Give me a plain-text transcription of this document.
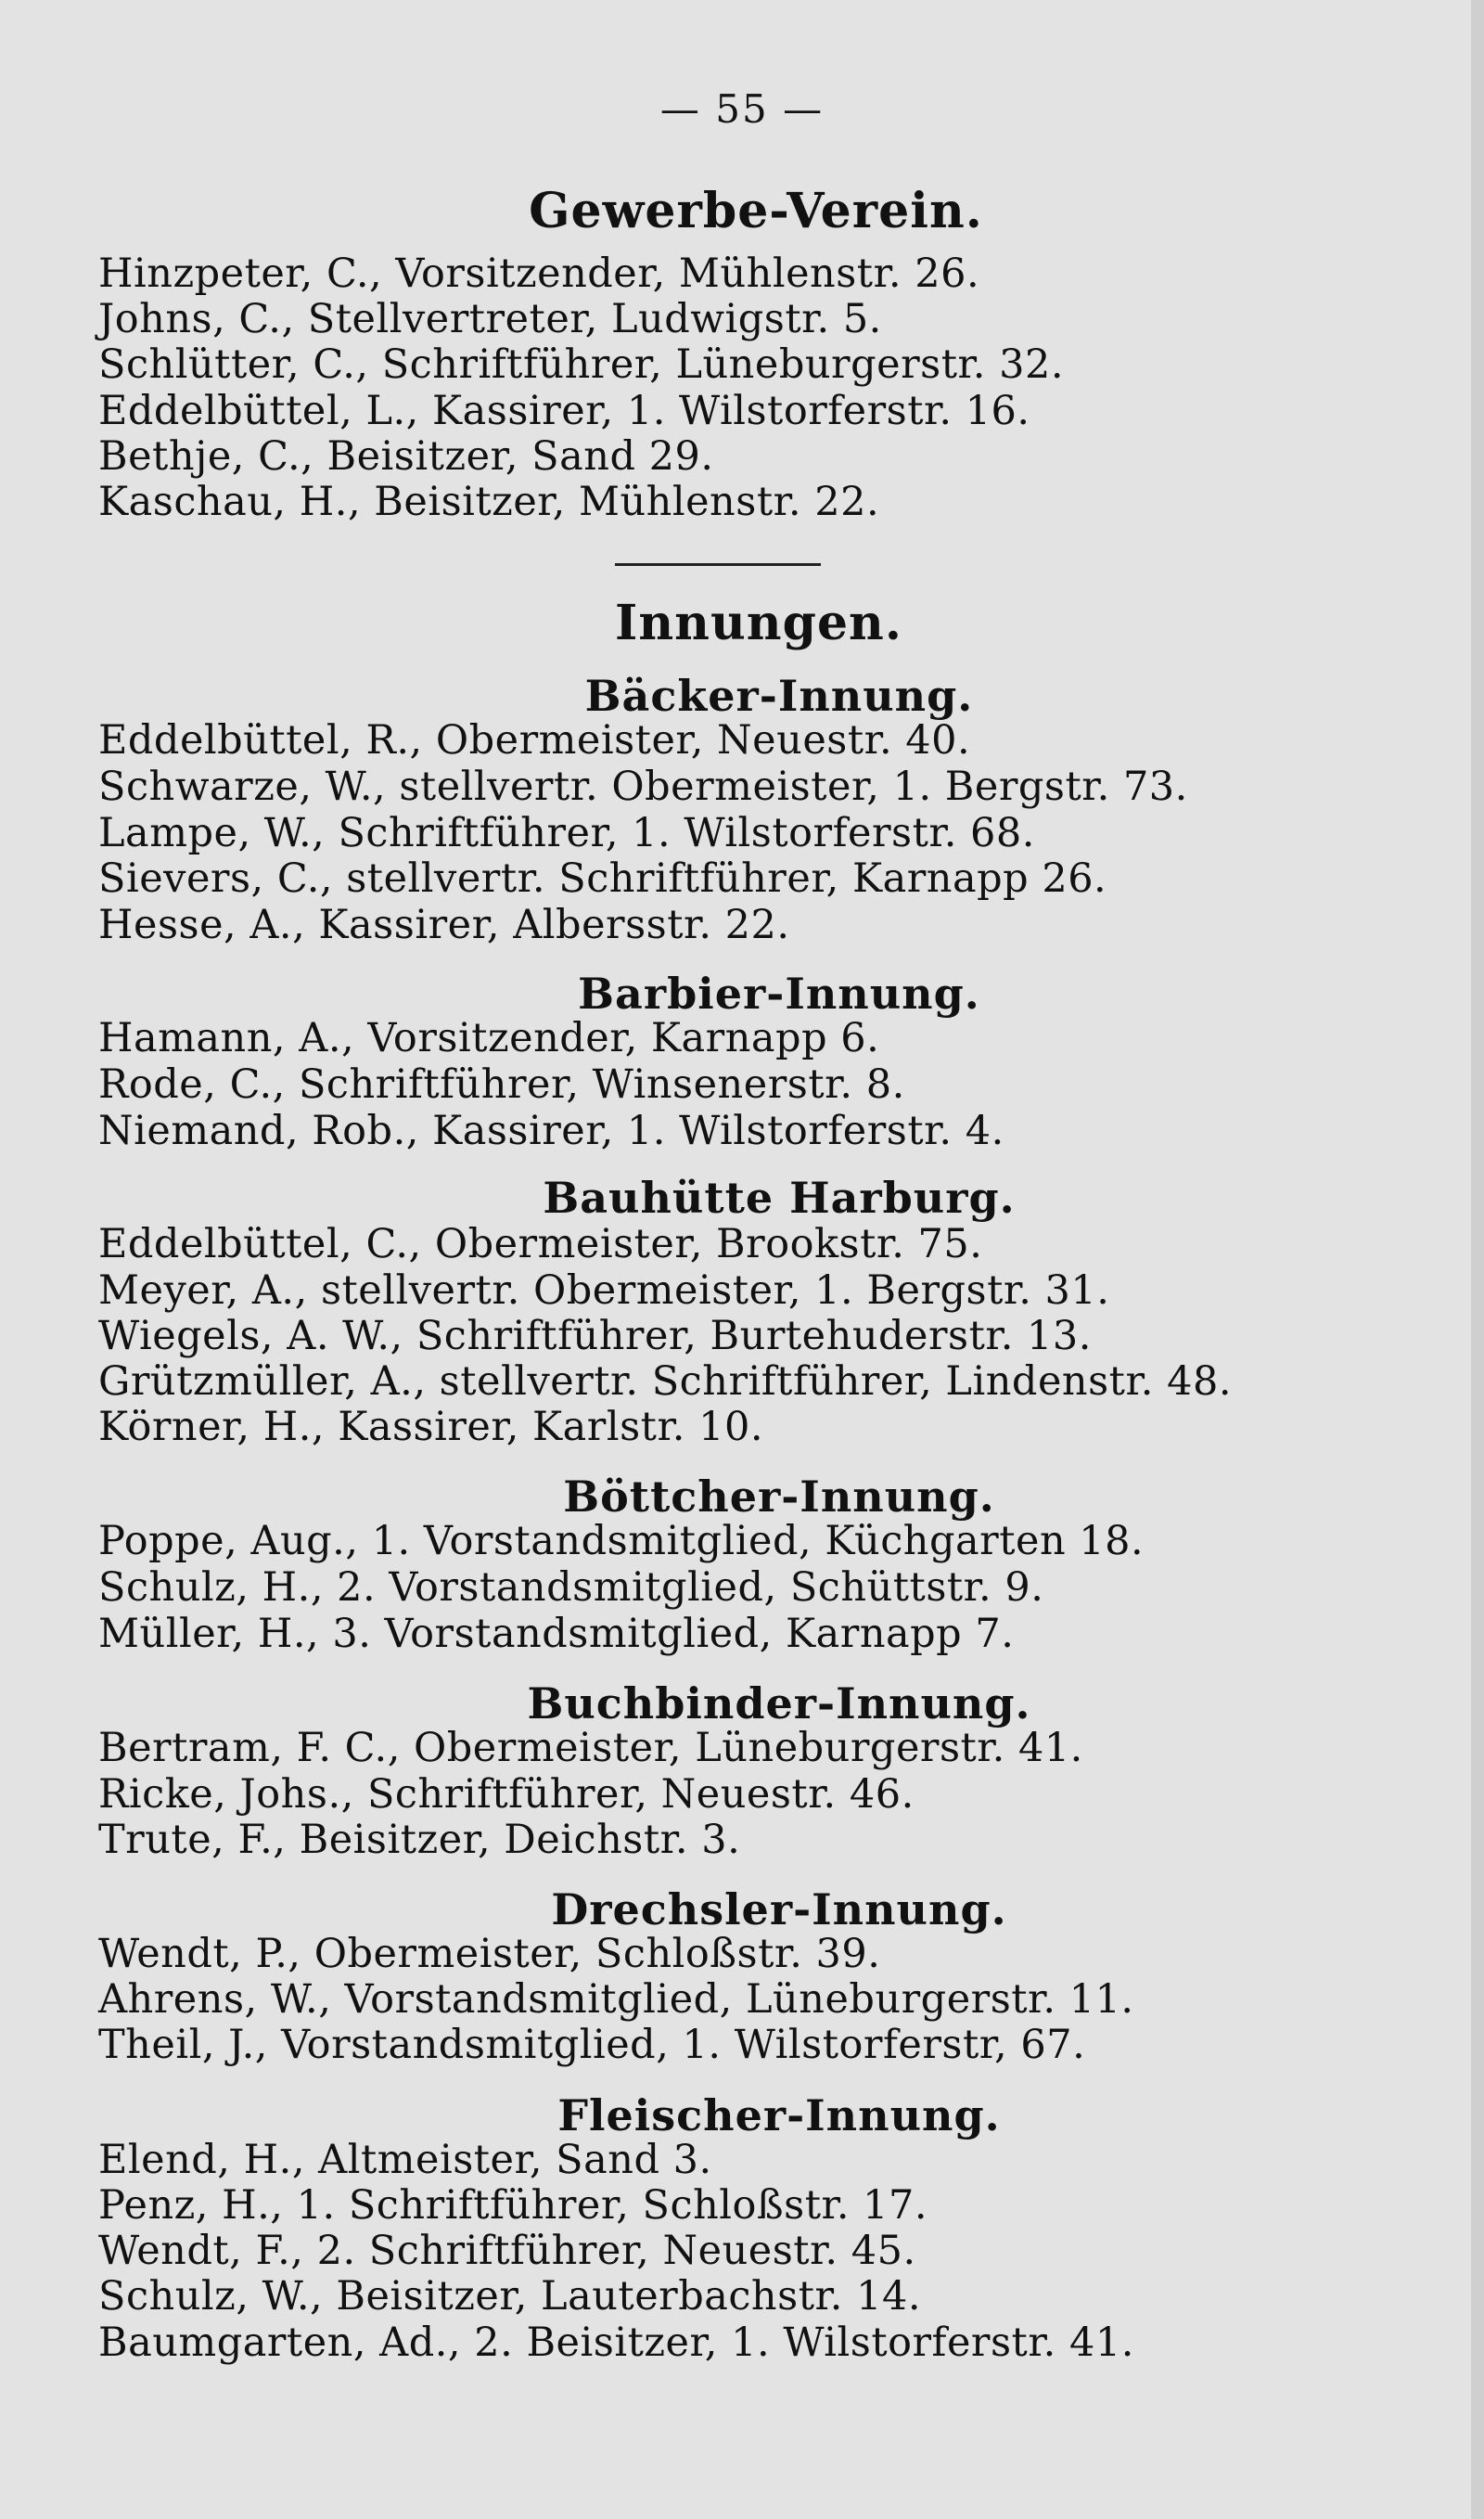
— 55 —
Gewerbe-Verein.
Hinzpeter, C., Vorsitzender, Mühlenstr. 26.
Johns, C., Stellvertreter, Ludwigstr. 5.
Schlütter, C., Schriftführer, Lüneburgerstr. 32.
Eddelbüttel, L., Kassirer, 1. Wilstorferstr. 16.
Bethje, C., Beisitzer, Sand 29.
Kaschau, H., Beisitzer, Mühlenstr. 22.
Innungen.
Bäcker-Innung.
Eddelbüttel, R., Obermeister, Neuestr. 40.
Schwarze, W., stellvertr. Obermeister, 1. Bergstr. 73.
Lampe, W., Schriftführer, 1. Wilstorferstr. 68.
Sievers, C., stellvertr. Schriftführer, Karnapp 26.
Hesse, A., Kassirer, Albersstr. 22.
Barbier-Innung.
Hamann, A., Vorsitzender, Karnapp 6.
Rode, C., Schriftführer, Winsenerstr. 8.
Niemand, Rob., Kassirer, 1. Wilstorferstr. 4.
Bauhütte Harburg.
Eddelbüttel, C., Obermeister, Brookstr. 75.
Meyer, A., stellvertr. Obermeister, 1. Bergstr. 31.
Wiegels, A. W., Schriftführer, Burtehuderstr. 13.
Grützmüller, A., stellvertr. Schriftführer, Lindenstr. 48.
Körner, H., Kassirer, Karlstr. 10.
Böttcher-Innung.
Poppe, Aug., 1. Vorstandsmitglied, Küchgarten 18.
Schulz, H., 2. Vorstandsmitglied, Schüttstr. 9.
Müller, H., 3. Vorstandsmitglied, Karnapp 7.
Buchbinder-Innung.
Bertram, F. C., Obermeister, Lüneburgerstr. 41.
Ricke, Johs., Schriftführer, Neuestr. 46.
Trute, F., Beisitzer, Deichstr. 3.
Drechsler-Innung.
Wendt, P., Obermeister, Schloßstr. 39.
Ahrens, W., Vorstandsmitglied, Lüneburgerstr. 11.
Theil, J., Vorstandsmitglied, 1. Wilstorferstr, 67.
Fleischer-Innung.
Elend, H., Altmeister, Sand 3.
Penz, H., 1. Schriftführer, Schloßstr. 17.
Wendt, F., 2. Schriftführer, Neuestr. 45.
Schulz, W., Beisitzer, Lauterbachstr. 14.
Baumgarten, Ad., 2. Beisitzer, 1. Wilstorferstr. 41.
